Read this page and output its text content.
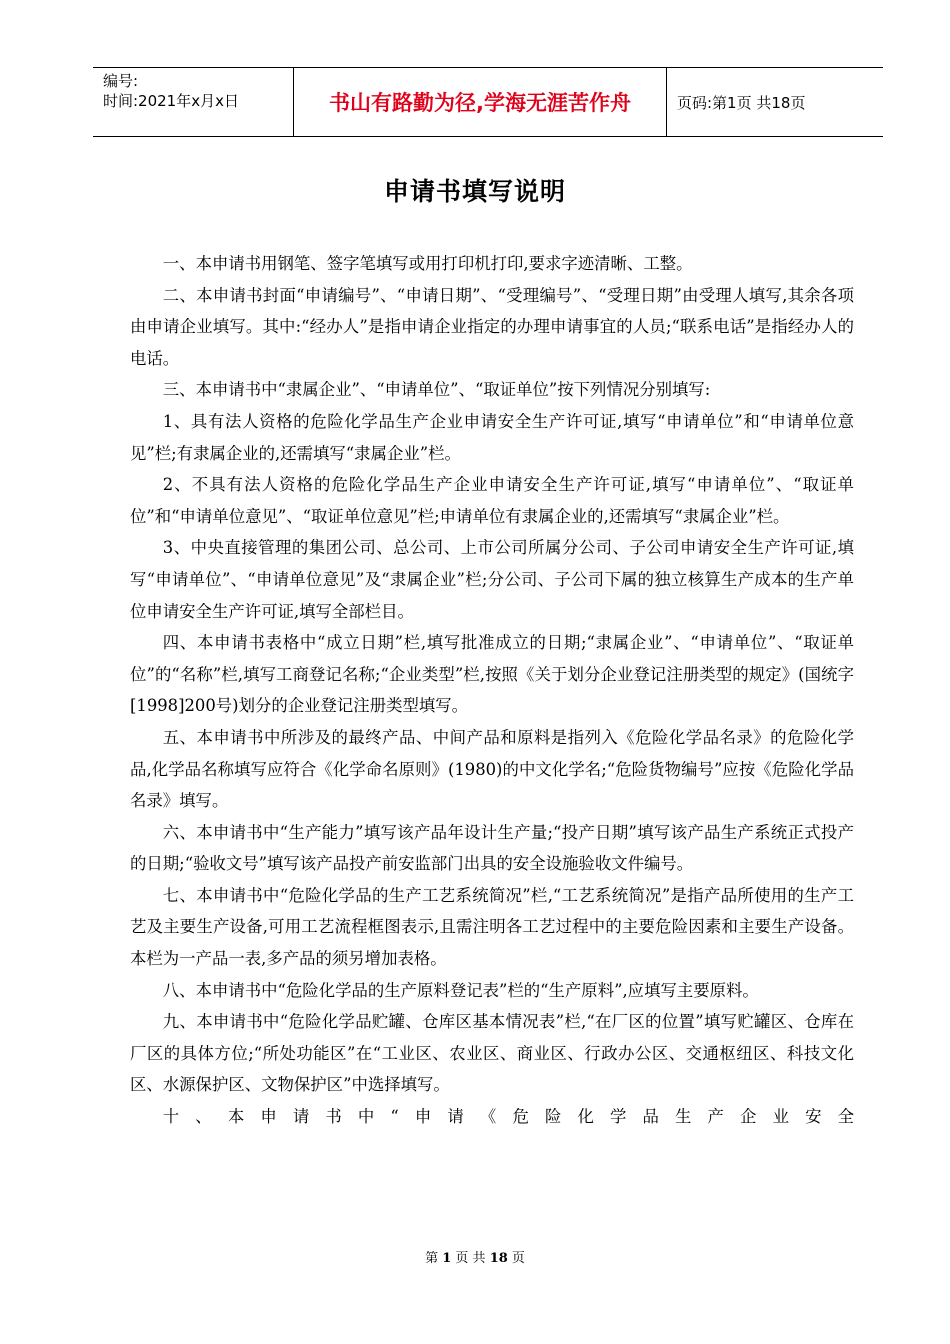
编号:
时间:2021年x月x日	书山有路勤为径,学海无涯苦作舟	页码:第1页 共18页
申请书填写说明

一、本申请书用钢笔、签字笔填写或用打印机打印,要求字迹清晰、工整。

二、本申请书封面“申请编号”、“申请日期”、“受理编号”、“受理日期”由受理人填写,其余各项由申请企业填写。其中:“经办人”是指申请企业指定的办理申请事宜的人员;“联系电话”是指经办人的电话。

三、本申请书中“隶属企业”、“申请单位”、“取证单位”按下列情况分别填写:

1、具有法人资格的危险化学品生产企业申请安全生产许可证,填写“申请单位”和“申请单位意见”栏;有隶属企业的,还需填写“隶属企业”栏。

2、不具有法人资格的危险化学品生产企业申请安全生产许可证,填写“申请单位”、“取证单位”和“申请单位意见”、“取证单位意见”栏;申请单位有隶属企业的,还需填写“隶属企业”栏。

3、中央直接管理的集团公司、总公司、上市公司所属分公司、子公司申请安全生产许可证,填写“申请单位”、“申请单位意见”及“隶属企业”栏;分公司、子公司下属的独立核算生产成本的生产单位申请安全生产许可证,填写全部栏目。

四、本申请书表格中“成立日期”栏,填写批准成立的日期;“隶属企业”、“申请单位”、“取证单位”的“名称”栏,填写工商登记名称;“企业类型”栏,按照《关于划分企业登记注册类型的规定》(国统字[1998]200号)划分的企业登记注册类型填写。

五、本申请书中所涉及的最终产品、中间产品和原料是指列入《危险化学品名录》的危险化学品,化学品名称填写应符合《化学命名原则》(1980)的中文化学名;“危险货物编号”应按《危险化学品名录》填写。

六、本申请书中“生产能力”填写该产品年设计生产量;“投产日期”填写该产品生产系统正式投产的日期;“验收文号”填写该产品投产前安监部门出具的安全设施验收文件编号。

七、本申请书中“危险化学品的生产工艺系统简况”栏,“工艺系统简况”是指产品所使用的生产工艺及主要生产设备,可用工艺流程框图表示,且需注明各工艺过程中的主要危险因素和主要生产设备。本栏为一产品一表,多产品的须另增加表格。

八、本申请书中“危险化学品的生产原料登记表”栏的“生产原料”,应填写主要原料。

九、本申请书中“危险化学品贮罐、仓库区基本情况表”栏,“在厂区的位置”填写贮罐区、仓库在厂区的具体方位;“所处功能区”在“工业区、农业区、商业区、行政办公区、交通枢纽区、科技文化区、水源保护区、文物保护区”中选择填写。

十、本申请书中“申请《危险化学品生产企业安全

第 1 页 共 18 页
